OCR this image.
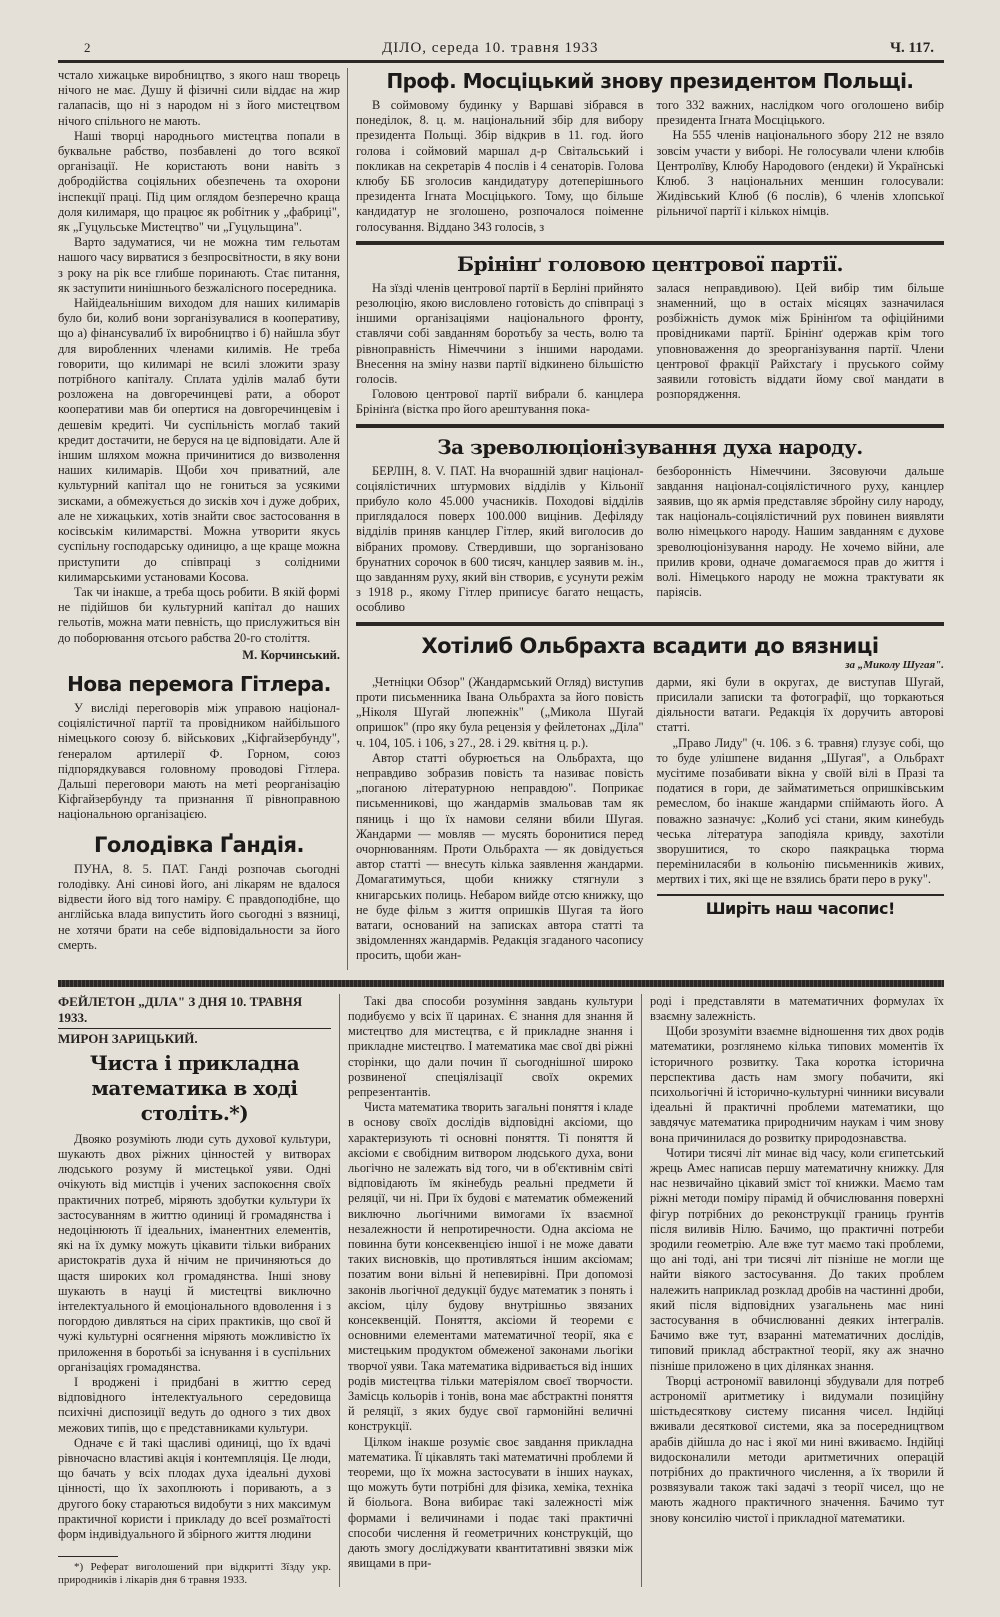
2	ДІЛО, середа 10. травня 1933	Ч. 117.

чстало хижацьке виробництво, з якого наш творець нічого не має. Душу й фізичні сили віддає на жир галапасів, що ні з народом ні з його мистецтвом нічого спільного не мають.

Наші творці народнього мистецтва попали в буквальне рабство, позбавлені до того всякої організації. Не користають вони навіть з добродійства соціяльних обезпечень та охорони інспекції праці. Під цим оглядом безперечно краща доля килимаря, що працює як робітник у „фабриці", як „Гуцульське Мистецтво" чи „Гуцульщина".

Варто задуматися, чи не можна тим гельотам нашого часу вирватися з безпросвітности, в яку вони з року на рік все глибше поринають. Стає питання, як заступити нинішнього безжалісного посередника.

Найідеальнішим виходом для наших килимарів було би, колиб вони зорганізувалися в кооперативу, що а) фінансувалиб їх виробництво і б) найшла збут для виробленних членами килимів. Не треба говорити, що килимарі не всилі зложити зразу потрібного капіталу. Сплата уділів малаб бути розложена на довгоречинцеві рати, а оборот кооперативи мав би опертися на довгоречинцевім і дешевім кредиті. Чи суспільність моглаб такий кредит достачити, не беруся на це відповідати. Але й іншим шляхом можна причинитися до визволення наших килимарів. Щоби хоч приватний, але культурний капітал що не гониться за усякими зисками, а обмежується до зисків хоч і дуже добрих, але не хижацьких, хотів знайти своє застосовання в косівськім килимарстві. Можна утворити якусь суспільну господарську одиницю, а ще краще можна приступити до співпраці з солідними килимарськими установами Косова.

Так чи інакше, а треба щось робити. В якій формі не підійшов би культурний капітал до наших гельотів, можна мати певність, що прислужиться він до поборювання отсього рабства 20-го століття.

М. Корчинський.
Нова перемога Гітлера.

У висліді переговорів між управою націонал-соціялістичної партії та провідником найбільшого німецького союзу б. військових „Кіфгайзербунду", ґенералом артилерії Ф. Горном, союз підпорядкувався головному проводові Гітлера. Дальші переговори мають на меті реорганізацію Кіфгайзербунду та признання її рівноправною національною організацією.

Голодівка Ґандія.

ПУНА, 8. 5. ПАТ. Ганді розпочав сьогодні голодівку. Ані синові його, ані лікарям не вдалося відвести його від того наміру. Є правдоподібне, що англійська влада випустить його сьогодні з вязниці, не хотячи брати на себе відповідальности за його смерть.

Проф. Мосціцький знову президентом Польщі.

В соймовому будинку у Варшаві зібрався в понеділок, 8. ц. м. національний збір для вибору президента Польщі. Збір відкрив в 11. год. його голова і соймовий маршал д-р Світальський і покликав на секретарів 4 послів і 4 сенаторів. Голова клюбу ББ зголосив кандидатуру дотеперішнього президента Ігната Мосціцького. Тому, що більше кандидатур не зголошено, розпочалося поіменне голосування. Віддано 343 голосів, з

того 332 важних, наслідком чого оголошено вибір президента Ігната Мосціцького.

На 555 членів національного збору 212 не взяло зовсім участи у виборі. Не голосували члени клюбів Центролїву, Клюбу Народового (ендеки) й Українські Клюб. З національних меншин голосували: Жидівський Клюб (6 послів), 6 членів хлопської рільничої партії і кількох німців.

Брінінґ головою центрової партії.

На зїзді членів центрової партії в Берліні прийнято резолюцію, якою висловлено готовість до співпраці з іншими організаціями національного фронту, ставлячи собі завданням боротьбу за честь, волю та рівноправність Німеччини з іншими народами. Внесення на зміну назви партії відкинено більшістю голосів.

Головою центрової партії вибрали б. канцлера Брінінґа (вістка про його арештування пока-

залася неправдивою). Цей вибір тим більше знаменний, що в остаіх місяцях зазначилася розбіжність думок між Брінінґом та офіційними провідниками партії. Брінінґ одержав крім того уповноваження до зреорганізування партії. Члени центрової фракції Райхстаґу і пруського сойму заявили готовість віддати йому свої мандати в розпорядження.

За зреволюціонізування духа народу.

БЕРЛІН, 8. V. ПАТ. На вчорашній здвиг націонал-соціялістичних штурмових відділів у Кільонії прибуло коло 45.000 учасників. Походові відділів приглядалося поверх 100.000 вицінив. Дефіляду відділів приняв канцлер Гітлер, який виголосив до вібраних промову. Ствердивши, що зорганізовано брунатних сорочок в 600 тисяч, канцлер заявив м. ін., що завданням руху, який він створив, є усунути режім з 1918 р., якому Гітлер приписує багато нещасть, особливо

безборонність Німеччини. Зясовуючи дальше завдання націонал-соціялістичного руху, канцлер заявив, що як армія представляє збройну силу народу, так національ-соціялістичний рух повинен виявляти волю німецького народу. Нашим завданням є духове зреволюціонізування народу. Не хочемо війни, але прилив крови, одначе домагаємося прав до життя і волі. Німецького народу не можна трактувати як паріясів.

Хотілиб Ольбрахта всадити до вязниці
за „Миколу Шугая".

„Четніцки Обзор" (Жандармський Огляд) виступив проти письменника Івана Ольбрахта за його повість „Ніколя Шугай люпежнік" („Микола Шугай опришок" (про яку була рецензія у фейлетонах „Діла" ч. 104, 105. і 106, з 27., 28. і 29. квітня ц. р.).

Автор статті обурюється на Ольбрахта, що неправдиво зобразив повість та називає повість „поганою літературною неправдою". Поприкає письменникові, що жандармів змальовав там як пяниць і що їх намови селяни вбили Шугая. Жандарми — мовляв — мусять боронитися перед очорнюванням. Проти Ольбрахта — як довідується автор статті — внесуть кілька заявлення жандарми. Домагатимуться, щоби книжку стягнули з книгарських полиць. Небаром вийде отсю книжку, що не буде фільм з життя опришків Шугая та його ватаги, оснований на записках автора статті та звідомленнях жандармів. Редакція згаданого часопису просить, щоби жан-

дарми, які були в округах, де виступав Шугай, присилали записки та фотографії, що торкаються діяльности ватаги. Редакція їх доручить авторові статті.

„Право Лиду" (ч. 106. з 6. травня) глузує собі, що то буде улішпене видання „Шугая", а Ольбрахт мусітиме позабивати вікна у своїй вілі в Празі та податися в гори, де займатиметься опришківським ремеслом, бо інакше жандарми спіймають його. А поважно зазначує: „Колиб усі стани, яким кинебудь чеська література заподіяла кривду, захотіли зворушитися, то скоро паякрацька тюрма переміниласяби в кольонію письменників живих, мертвих і тих, які ще не взялись брати перо в руку".

Ширіть наш часопис!
ФЕЙЛЕТОН „ДІЛА" З ДНЯ 10. ТРАВНЯ 1933.
МИРОН ЗАРИЦЬКИЙ.
Чиста і прикладна математика в ході століть.*)

Двояко розуміють люди суть духової культури, шукають двох ріжних цінностей у витворах людського розуму й мистецької уяви. Одні очікують від мистців і учених заспокоєння своїх практичних потреб, міряють здобутки культури їх застосуванням в життю одиниці й громадянства і недоцінюють її ідеальних, іманентних елементів, які на їх думку можуть цікавити тільки вибраних аристократів духа й нічим не причиняються до щастя широких кол громадянства. Інші знову шукають в науці й мистецтві виключно інтелектуального й емоціонального вдоволення і з погордою дивляться на сірих практиків, що свої й чужі культурні осягнення міряють можливістю їх приложення в боротьбі за існування і в суспільних організаціях громадянства.

І вроджені і придбані в життю серед відповідного інтелектуального середовища психічні диспозиції ведуть до одного з тих двох межових типів, що є представниками культури.

Одначе є й такі щасливі одиниці, що їх вдачі рівночасно властиві акція і контемпляція. Це люди, що бачать у всіх плодах духа ідеальні духові цінності, що їх захоплюють і поривають, а з другого боку стараються видобути з них максимум практичної користи і прикладу до всеї розмаїтості форм індивідуального й збірного життя людини

*) Реферат виголошений при відкритті Зїзду укр. природників і лікарів дня 6 травня 1933.

Такі два способи розуміння завдань культури подибуємо у всіх її царинах. Є знання для знання й мистецтво для мистецтва, є й прикладне знання і прикладне мистецтво. І математика має свої дві ріжні сторінки, що дали почин її сьогоднішної широко розвиненої спеціялізації своїх окремих репрезентантів.

Чиста математика творить загальні поняття і кладе в основу своїх дослідів відповідні аксіоми, що характеризують ті основні поняття. Ті поняття й аксіоми є свобідним витвором людського духа, вони льогічно не залежать від того, чи в об'єктивнім світі відповідають їм якінебудь реальні предмети й реляції, чи ні. При їх будові є математик обмежений виключно льогічними вимогами їх взаємної незалежности й непротиречности. Одна аксіома не повинна бути консеквенцією іншої і не може давати таких висновків, що противляться іншим аксіомам; позатим вони вільні й непевирівні. При допомозі законів льогічної дедукції будує математик з понять і аксіом, цілу будову внутрішньо звязаних консеквенцій. Поняття, аксіоми й теореми є основними елементами математичної теорії, яка є мистецьким продуктом обмеженої законами льогіки творчої уяви. Така математика відривається від інших родів мистецтва тільки матеріялом своєї творчости. Замісць кольорів і тонів, вона має абстрактні поняття й реляції, з яких будує свої гармонійні величні конструкції.

Цілком інакше розуміє своє завдання прикладна математика. Її цікавлять такі математичні проблеми й теореми, що їх можна застосувати в інших науках, що можуть бути потрібні для фізика, хеміка, техніка й біольога. Вона вибирає такі залежності між формами і величинами і подає такі практичні способи числення й геометричних конструкцій, що дають змогу досліджувати квантитативні звязки між явищами в при-

роді і представляти в математичних формулах їх взаємну залежність.

Щоби зрозуміти взаємне відношення тих двох родів математики, розглянемо кілька типових моментів їх історичного розвитку. Така коротка історична перспектива дасть нам змогу побачити, які психольогічні й історично-культурні чинники висували ідеальні й практичні проблеми математики, що завдячує математика природничим наукам і чим знову вона причинилася до розвитку природознавства.

Чотири тисячі літ минає від часу, коли єгипетський жрець Амес написав першу математичну книжку. Для нас незвичайно цікавий зміст тої книжки. Маємо там ріжні методи поміру пірамід й обчислювання поверхні фігур потрібних до реконструкції границь ґрунтів після виливів Нілю. Бачимо, що практичні потреби зродили геометрію. Але вже тут маємо такі проблеми, що ані тоді, ані три тисячі літ пізніше не могли ще найти віякого застосування. До таких проблем належить наприклад розклад дробів на частинні дроби, який після відповідних узагальнень має нині застосування в обчислюванні деяких інтегралів. Бачимо вже тут, взаранні математичних дослідів, типовий приклад абстрактної теорії, яку аж значно пізніше приложено в цих ділянках знання.

Творці астрономії вавилонці збудували для потреб астрономії аритметику і видумали позиційну шістьдесяткову систему писання чисел. Індійці вживали десяткової системи, яка за посередництвом арабів дійшла до нас і якої ми нині вживаємо. Індійці видосконалили методи аритметичних операцій потрібних до практичного числення, а їх творили й розвязували також такі задачі з теорії чисел, що не мають жадного практичного значення. Бачимо тут знову консилію чистої і прикладної математики.
